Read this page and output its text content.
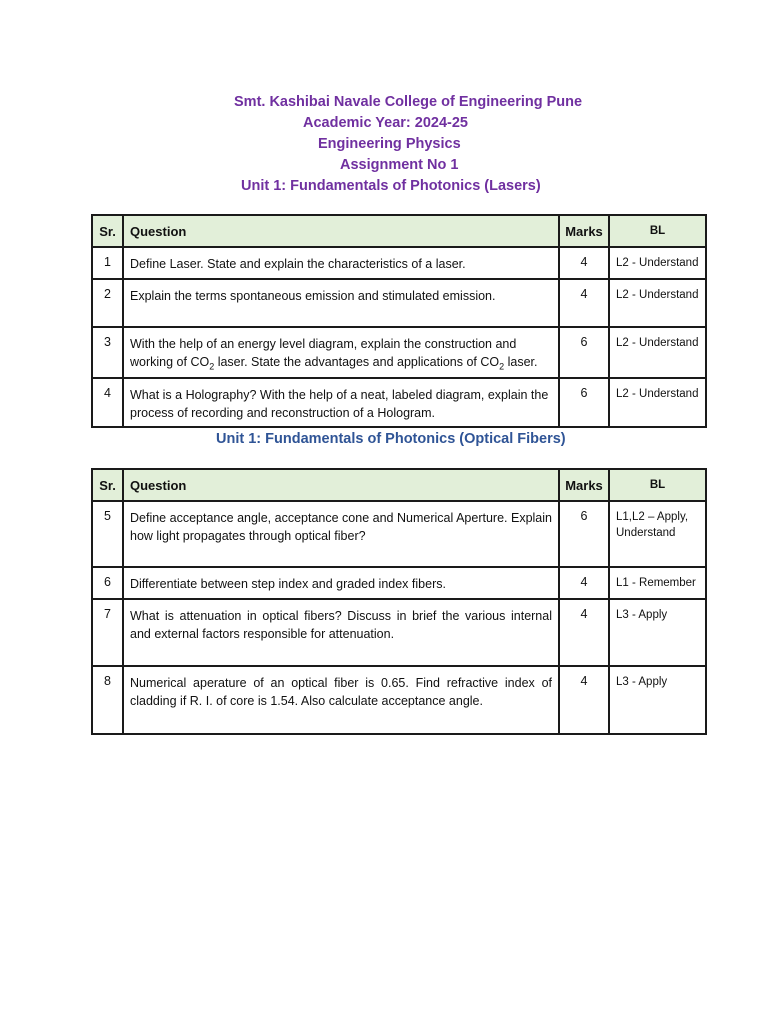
Smt. Kashibai Navale College of Engineering Pune
Academic Year: 2024-25
Engineering Physics
Assignment No 1
Unit 1: Fundamentals of Photonics (Lasers)
Sr.	Question	Marks	BL
1	Define Laser. State and explain the characteristics of a laser.	4	L2 - Understand
2	Explain the terms spontaneous emission and stimulated emission.	4	L2 - Understand
3	With the help of an energy level diagram, explain the construction and working of $CO_2$ laser. State the advantages and applications of $CO_2$ laser.	6	L2 - Understand
4	What is a Holography? With the help of a neat, labeled diagram, explain the process of recording and reconstruction of a Hologram.	6	L2 - Understand
Unit 1: Fundamentals of Photonics (Optical Fibers)
Sr.	Question	Marks	BL
5	Define acceptance angle, acceptance cone and Numerical Aperture. Explain how light propagates through optical fiber?	6	L1,L2 – Apply, Understand
6	Differentiate between step index and graded index fibers.	4	L1 - Remember
7	What is attenuation in optical fibers? Discuss in brief the various internal and external factors responsible for attenuation.	4	L3 - Apply
8	Numerical aperature of an optical fiber is 0.65. Find refractive index of cladding if R. I. of core is 1.54. Also calculate acceptance angle.	4	L3 - Apply
